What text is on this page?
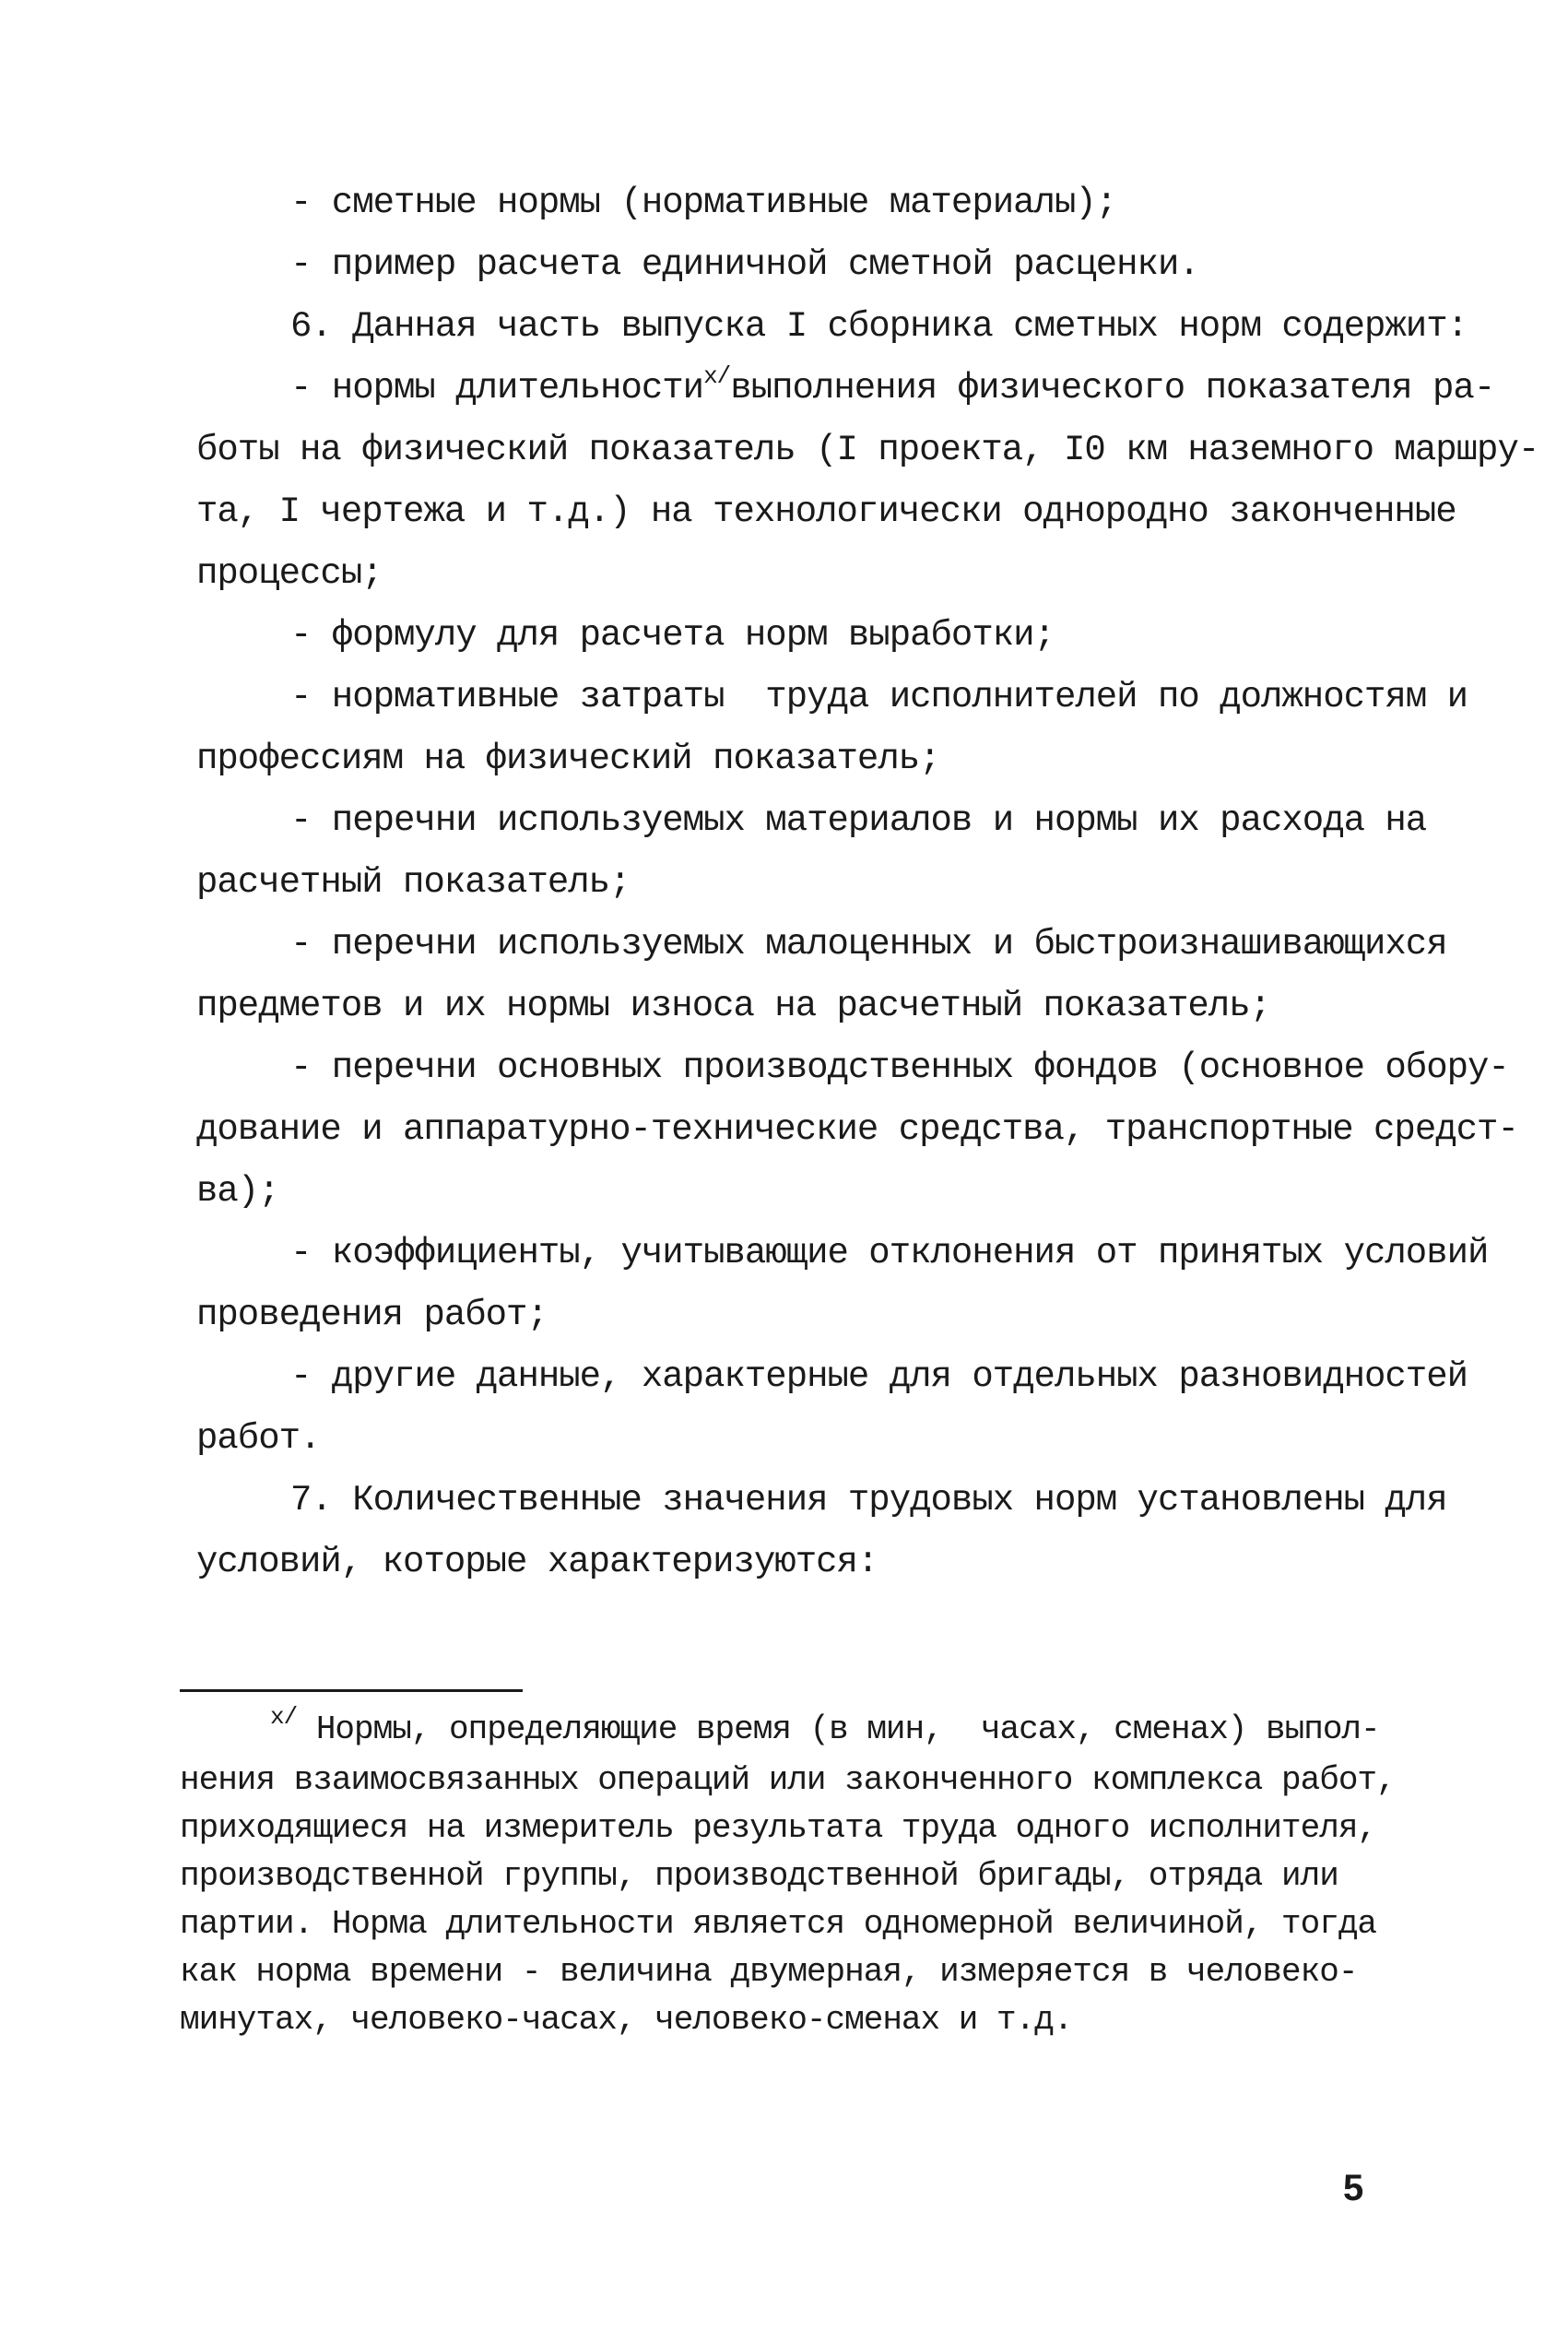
- сметные нормы (нормативные материалы);

- пример расчета единичной сметной расценки.

6. Данная часть выпуска I сборника сметных норм содержит:

- нормы длительности$^{x/}$выполнения физического показателя ра-

боты на физический показатель (I проекта, I0 км наземного маршру-

та, I чертежа и т.д.) на технологически однородно законченные

процессы;

- формулу для расчета норм выработки;

- нормативные затраты  труда исполнителей по должностям и

профессиям на физический показатель;

- перечни используемых материалов и нормы их расхода на

расчетный показатель;

- перечни используемых малоценных и быстроизнашивающихся

предметов и их нормы износа на расчетный показатель;

- перечни основных производственных фондов (основное обору-

дование и аппаратурно-технические средства, транспортные средст-

ва);

- коэффициенты, учитывающие отклонения от принятых условий

проведения работ;

- другие данные, характерные для отдельных разновидностей

работ.

7. Количественные значения трудовых норм установлены для

условий, которые характеризуются:

$^{x/}$ Нормы, определяющие время (в мин,  часах, сменах) выпол-

нения взаимосвязанных операций или законченного комплекса работ,

приходящиеся на измеритель результата труда одного исполнителя,

производственной группы, производственной бригады, отряда или

партии. Норма длительности является одномерной величиной, тогда

как норма времени - величина двумерная, измеряется в человеко-

минутах, человеко-часах, человеко-сменах и т.д.

5
